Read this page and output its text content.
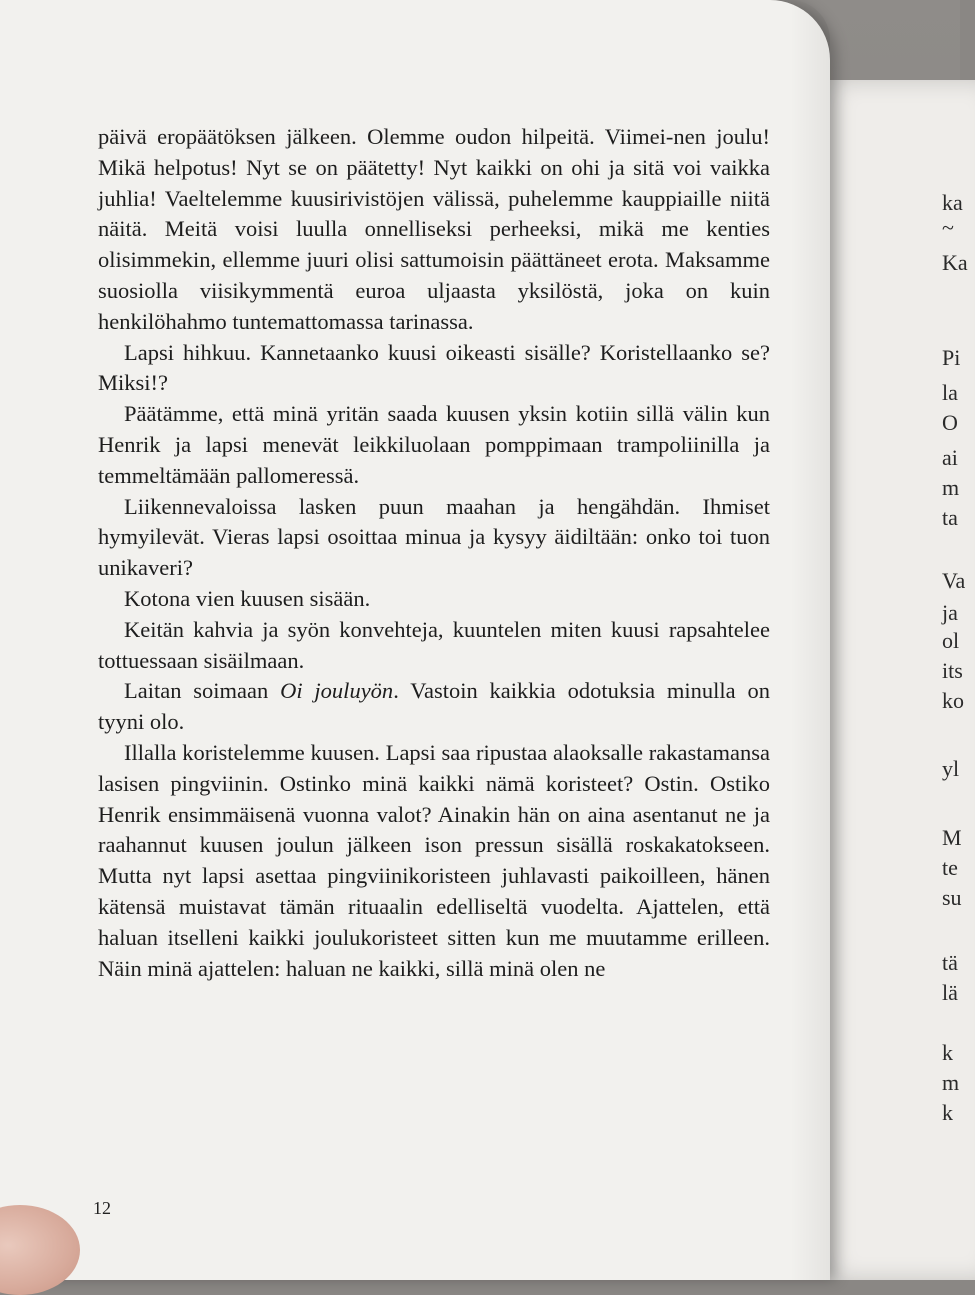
ka
~
Ka
Pi
la
O
ai
m
ta
Va
ja
ol
its
ko
yl
M
te
su
tä
lä
k
m
k

päivä eropäätöksen jälkeen. Olemme oudon hilpeitä. Viimei-nen joulu! Mikä helpotus! Nyt se on päätetty! Nyt kaikki on ohi ja sitä voi vaikka juhlia! Vaeltelemme kuusirivistöjen välissä, puhelemme kauppiaille niitä näitä. Meitä voisi luulla onnelliseksi perheeksi, mikä me kenties olisimmekin, ellemme juuri olisi sattumoisin päättäneet erota. Maksamme suosiolla viisikymmentä euroa uljaasta yksilöstä, joka on kuin henkilöhahmo tuntemattomassa tarinassa.

Lapsi hihkuu. Kannetaanko kuusi oikeasti sisälle? Koristellaanko se? Miksi!?

Päätämme, että minä yritän saada kuusen yksin kotiin sillä välin kun Henrik ja lapsi menevät leikkiluolaan pomppimaan trampoliinilla ja temmeltämään pallomeressä.

Liikennevaloissa lasken puun maahan ja hengähdän. Ihmiset hymyilevät. Vieras lapsi osoittaa minua ja kysyy äidiltään: onko toi tuon unikaveri?

Kotona vien kuusen sisään.

Keitän kahvia ja syön konvehteja, kuuntelen miten kuusi rapsahtelee tottuessaan sisäilmaan.

Laitan soimaan Oi jouluyön. Vastoin kaikkia odotuksia minulla on tyyni olo.

Illalla koristelemme kuusen. Lapsi saa ripustaa alaoksalle rakastamansa lasisen pingviinin. Ostinko minä kaikki nämä koristeet? Ostin. Ostiko Henrik ensimmäisenä vuonna valot? Ainakin hän on aina asentanut ne ja raahannut kuusen joulun jälkeen ison pressun sisällä roskakatokseen. Mutta nyt lapsi asettaa pingviinikoristeen juhlavasti paikoilleen, hänen kätensä muistavat tämän rituaalin edelliseltä vuodelta. Ajattelen, että haluan itselleni kaikki joulukoristeet sitten kun me muutamme erilleen. Näin minä ajattelen: haluan ne kaikki, sillä minä olen ne

12
